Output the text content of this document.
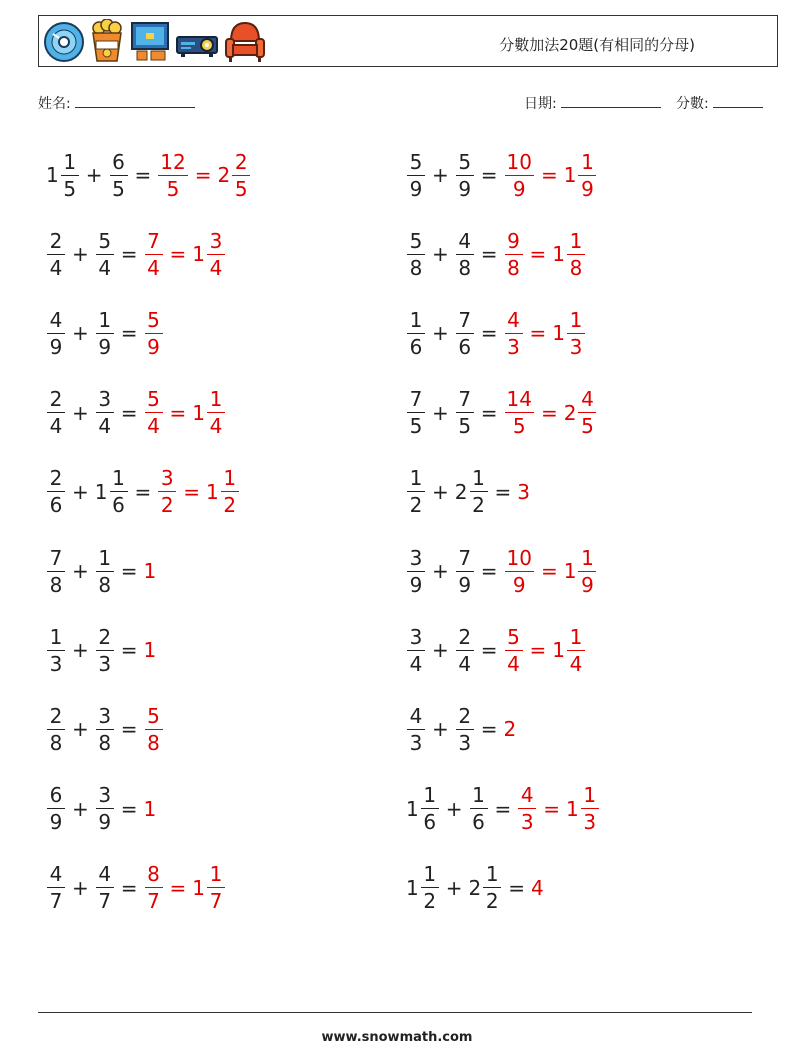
分數加法20題(有相同的分母)
姓名:	日期:	分數:
$1 \frac{1}{5} + \frac{6}{5} = \frac{12}{5} = 2 \frac{2}{5}$	$\frac{5}{9} + \frac{5}{9} = \frac{10}{9} = 1 \frac{1}{9}$
$\frac{2}{4} + \frac{5}{4} = \frac{7}{4} = 1 \frac{3}{4}$	$\frac{5}{8} + \frac{4}{8} = \frac{9}{8} = 1 \frac{1}{8}$
$\frac{4}{9} + \frac{1}{9} = \frac{5}{9}$	$\frac{1}{6} + \frac{7}{6} = \frac{4}{3} = 1 \frac{1}{3}$
$\frac{2}{4} + \frac{3}{4} = \frac{5}{4} = 1 \frac{1}{4}$	$\frac{7}{5} + \frac{7}{5} = \frac{14}{5} = 2 \frac{4}{5}$
$\frac{2}{6} + 1 \frac{1}{6} = \frac{3}{2} = 1 \frac{1}{2}$	$\frac{1}{2} + 2 \frac{1}{2} = 3$
$\frac{7}{8} + \frac{1}{8} = 1$	$\frac{3}{9} + \frac{7}{9} = \frac{10}{9} = 1 \frac{1}{9}$
$\frac{1}{3} + \frac{2}{3} = 1$	$\frac{3}{4} + \frac{2}{4} = \frac{5}{4} = 1 \frac{1}{4}$
$\frac{2}{8} + \frac{3}{8} = \frac{5}{8}$	$\frac{4}{3} + \frac{2}{3} = 2$
$\frac{6}{9} + \frac{3}{9} = 1$	$1 \frac{1}{6} + \frac{1}{6} = \frac{4}{3} = 1 \frac{1}{3}$
$\frac{4}{7} + \frac{4}{7} = \frac{8}{7} = 1 \frac{1}{7}$	$1 \frac{1}{2} + 2 \frac{1}{2} = 4$
www.snowmath.com
